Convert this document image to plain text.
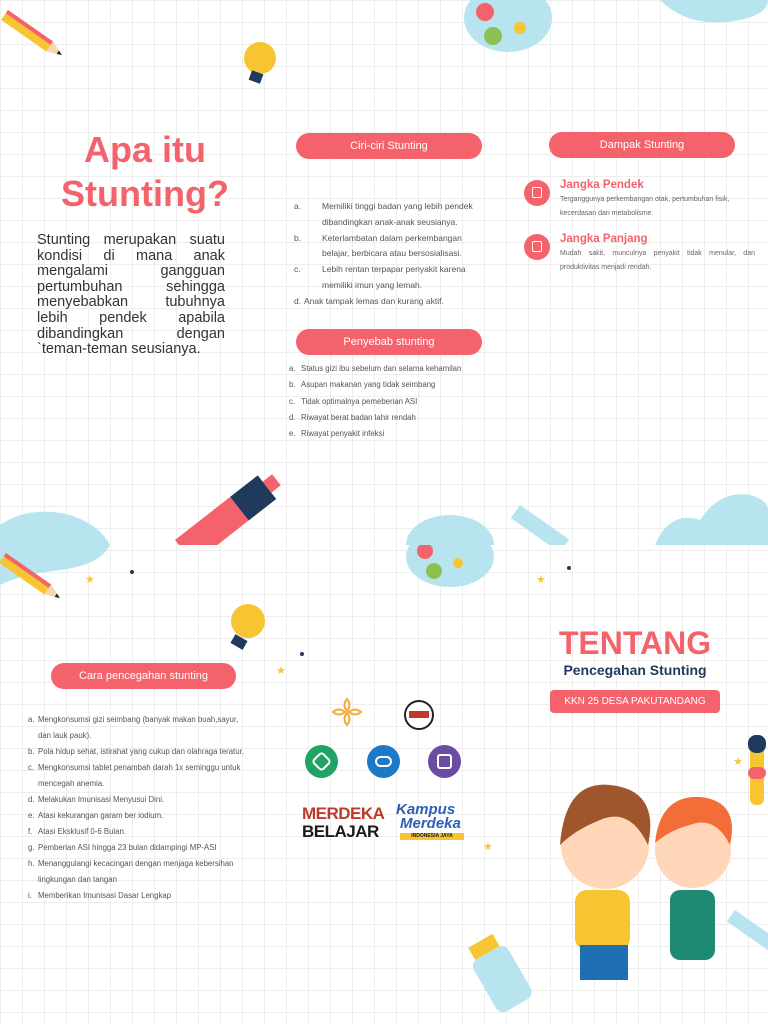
★	★
★
★
★
Apa itu
Stunting?
Stunting merupakan suatu kondisi di mana anak mengalami gangguan pertumbuhan sehingga menyebabkan tubuhnya lebih pendek apabila dibandingkan dengan `teman-teman seusianya.
Ciri-ciri Stunting
a. Memiliki tinggi badan yang lebih pendek dibandingkan anak-anak seusianya.
b. Keterlambatan dalam perkembangan belajar, berbicara atau bersosialisasi.
c.	Lebih rentan terpapar penyakit karena memiliki imun yang lemah.
d. Anak tampak lemas dan kurang aktif.
Penyebab stunting
a. Status gizi ibu sebelum dan selama kehamilan
b. Asupan makanan yang tidak seimbang
c. Tidak optimalnya pemeberian ASI
d. Riwayat berat badan lahir rendah
e. Riwayat penyakit infeksi
Dampak Stunting
Jangka Pendek
Terganggunya perkembangan otak, pertumbuhan fisik, kecerdasan dan metabolisme.
Jangka Panjang
Mudah sakit, munculnya penyakit tidak menular, dan produktivitas menjadi rendah.
Cara pencegahan stunting
a. Mengkonsumsi gizi seimbang (banyak makan buah,sayur, dan lauk pauk).
b. Pola hidup sehat, istirahat yang cukup dan olahraga teratur.
c. Mengkonsumsi tablet penambah darah 1x seminggu untuk mencegah anemia.
d. Melakukan Imunisasi Menyusui Dini.
e. Atasi kekurangan garam ber iodium.
f. Atasi Eksklusif 0-6 Bulan.
g. Pemberian ASI hingga 23 bulan didampingi MP-ASI
h. Menanggulangi kecacingan dengan menjaga kebersihan lingkungan dan tangan
i. Memberikan Imunisasi Dasar Lengkap
MERDEKA
BELAJAR
Kampus
Merdeka
INDONESIA JAYA
TENTANG
Pencegahan Stunting
KKN 25 DESA PAKUTANDANG
